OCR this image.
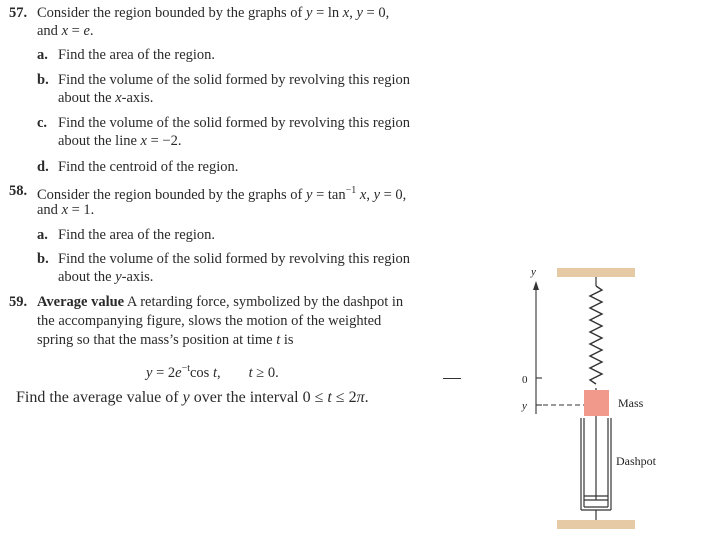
57. Consider the region bounded by the graphs of y = ln x, y = 0,
and x = e.
a. Find the area of the region.
b. Find the volume of the solid formed by revolving this region
about the x-axis.
c. Find the volume of the solid formed by revolving this region
about the line x = −2.
d. Find the centroid of the region.
58. Consider the region bounded by the graphs of $y = \tan^{-1} x$, y = 0,
and x = 1.
a. Find the area of the region.
b. Find the volume of the solid formed by revolving this region
about the y-axis.
59. Average value A retarding force, symbolized by the dashpot in
the accompanying figure, slows the motion of the weighted
spring so that the mass’s position at time t is
$y = 2e^{-t}\cos$ t, t ≥ 0.
Find the average value of y over the interval 0 ≤ t ≤ 2π.	Mass
Dashpot
y
0
y
